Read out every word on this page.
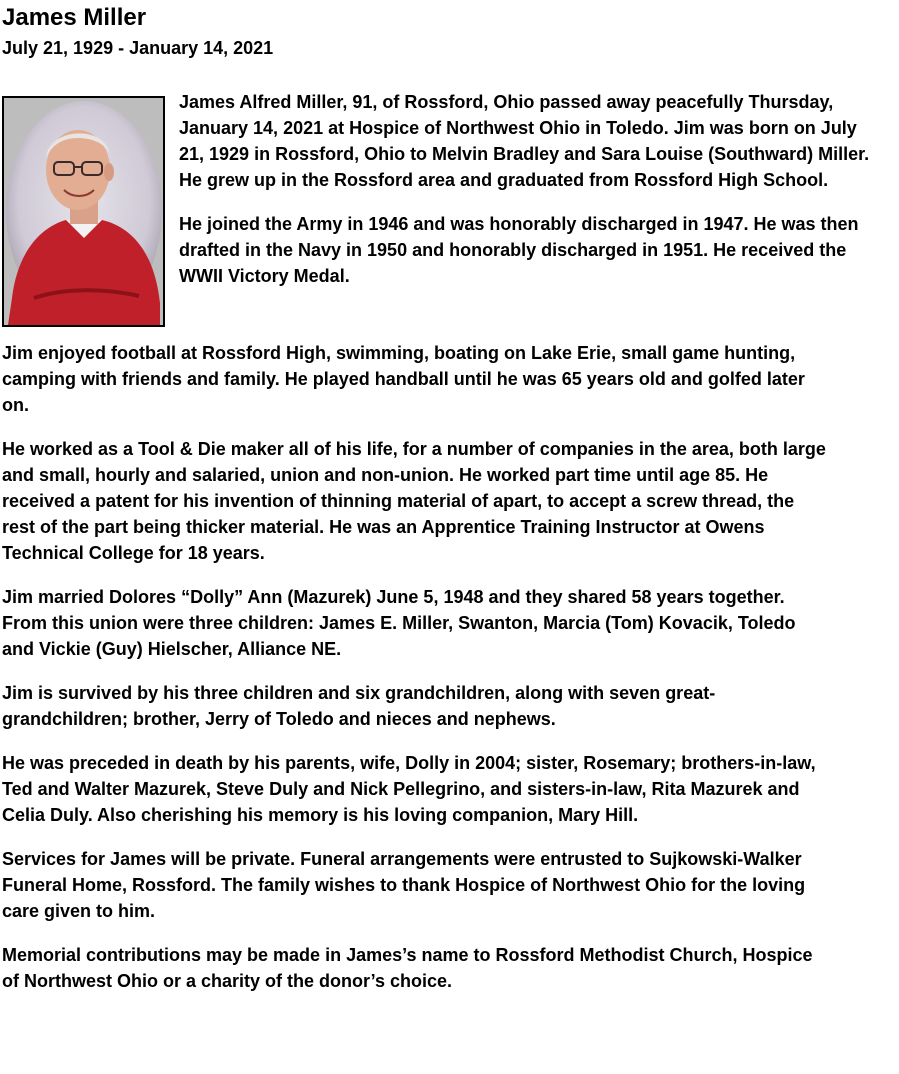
James Miller
July 21, 1929 - January 14, 2021

James Alfred Miller, 91, of Rossford, Ohio passed away peacefully Thursday, January 14, 2021 at Hospice of Northwest Ohio in Toledo. Jim was born on July 21, 1929 in Rossford, Ohio to Melvin Bradley and Sara Louise (Southward) Miller. He grew up in the Rossford area and graduated from Rossford High School.

He joined the Army in 1946 and was honorably discharged in 1947. He was then drafted in the Navy in 1950 and honorably discharged in 1951. He received the WWII Victory Medal.

Jim enjoyed football at Rossford High, swimming, boating on Lake Erie, small game hunting, camping with friends and family. He played handball until he was 65 years old and golfed later on.

He worked as a Tool & Die maker all of his life, for a number of companies in the area, both large and small, hourly and salaried, union and non-union. He worked part time until age 85. He received a patent for his invention of thinning material of apart, to accept a screw thread, the rest of the part being thicker material. He was an Apprentice Training Instructor at Owens Technical College for 18 years.

Jim married Dolores “Dolly” Ann (Mazurek) June 5, 1948 and they shared 58 years together. From this union were three children: James E. Miller, Swanton, Marcia (Tom) Kovacik, Toledo and Vickie (Guy) Hielscher, Alliance NE.

Jim is survived by his three children and six grandchildren, along with seven great-grandchildren; brother, Jerry of Toledo and nieces and nephews.

He was preceded in death by his parents, wife, Dolly in 2004; sister, Rosemary; brothers-in-law, Ted and Walter Mazurek, Steve Duly and Nick Pellegrino, and sisters-in-law, Rita Mazurek and Celia Duly. Also cherishing his memory is his loving companion, Mary Hill.

Services for James will be private. Funeral arrangements were entrusted to Sujkowski-Walker Funeral Home, Rossford. The family wishes to thank Hospice of Northwest Ohio for the loving care given to him.

Memorial contributions may be made in James’s name to Rossford Methodist Church, Hospice of Northwest Ohio or a charity of the donor’s choice.
